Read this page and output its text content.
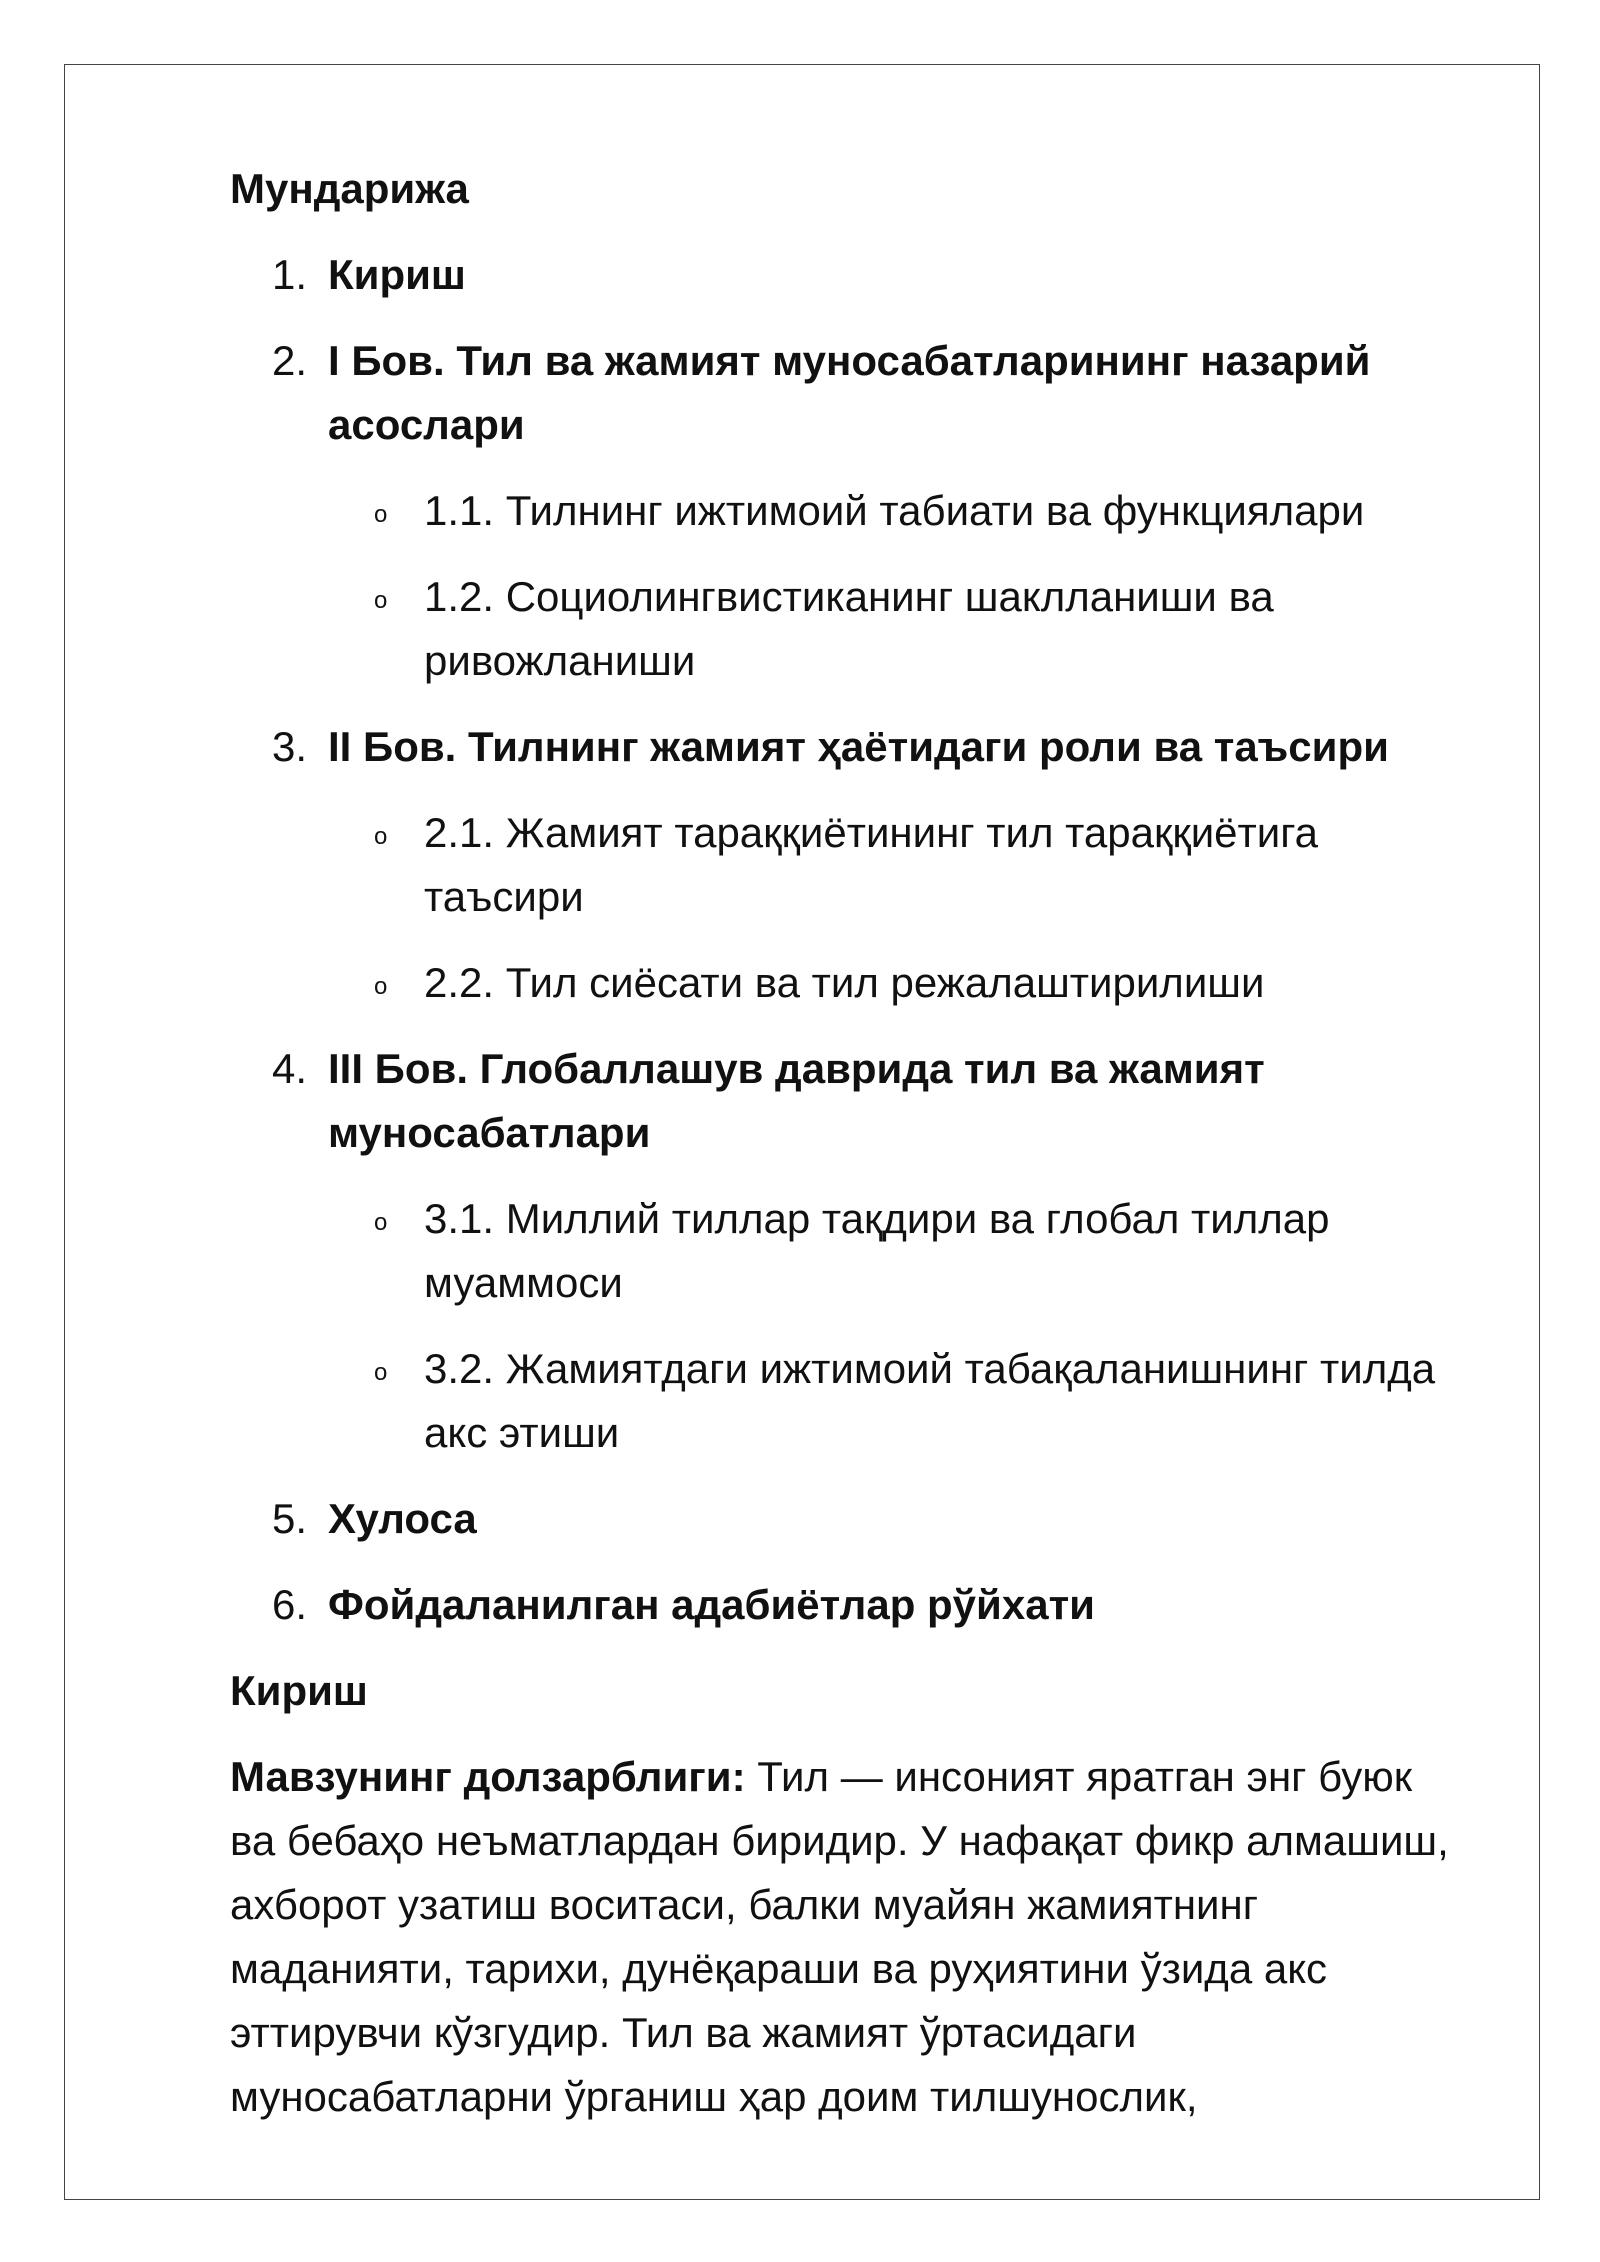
Мундарижа
1. Кириш
2. I Бов. Тил ва жамият муносабатларининг назарий асослари
o 1.1. Тилнинг ижтимоий табиати ва функциялари
o 1.2. Социолингвистиканинг шаклланиши ва ривожланиши
3. II Бов. Тилнинг жамият ҳаётидаги роли ва таъсири
o 2.1. Жамият тараққиётининг тил тараққиётига таъсири
o 2.2. Тил сиёсати ва тил режалаштирилиши
4. III Бов. Глобаллашув даврида тил ва жамият муносабатлари
o 3.1. Миллий тиллар тақдири ва глобал тиллар муаммоси
o 3.2. Жамиятдаги ижтимоий табақаланишнинг тилда акс этиши
5. Хулоса
6. Фойдаланилган адабиётлар рўйхати
Кириш
Мавзунинг долзарблиги: Тил — инсоният яратган энг буюк ва бебаҳо неъматлардан биридир. У нафақат фикр алмашиш, ахборот узатиш воситаси, балки муайян жамиятнинг маданияти, тарихи, дунёқараши ва руҳиятини ўзида акс эттирувчи кўзгудир. Тил ва жамият ўртасидаги муносабатларни ўрганиш ҳар доим тилшунослик,
